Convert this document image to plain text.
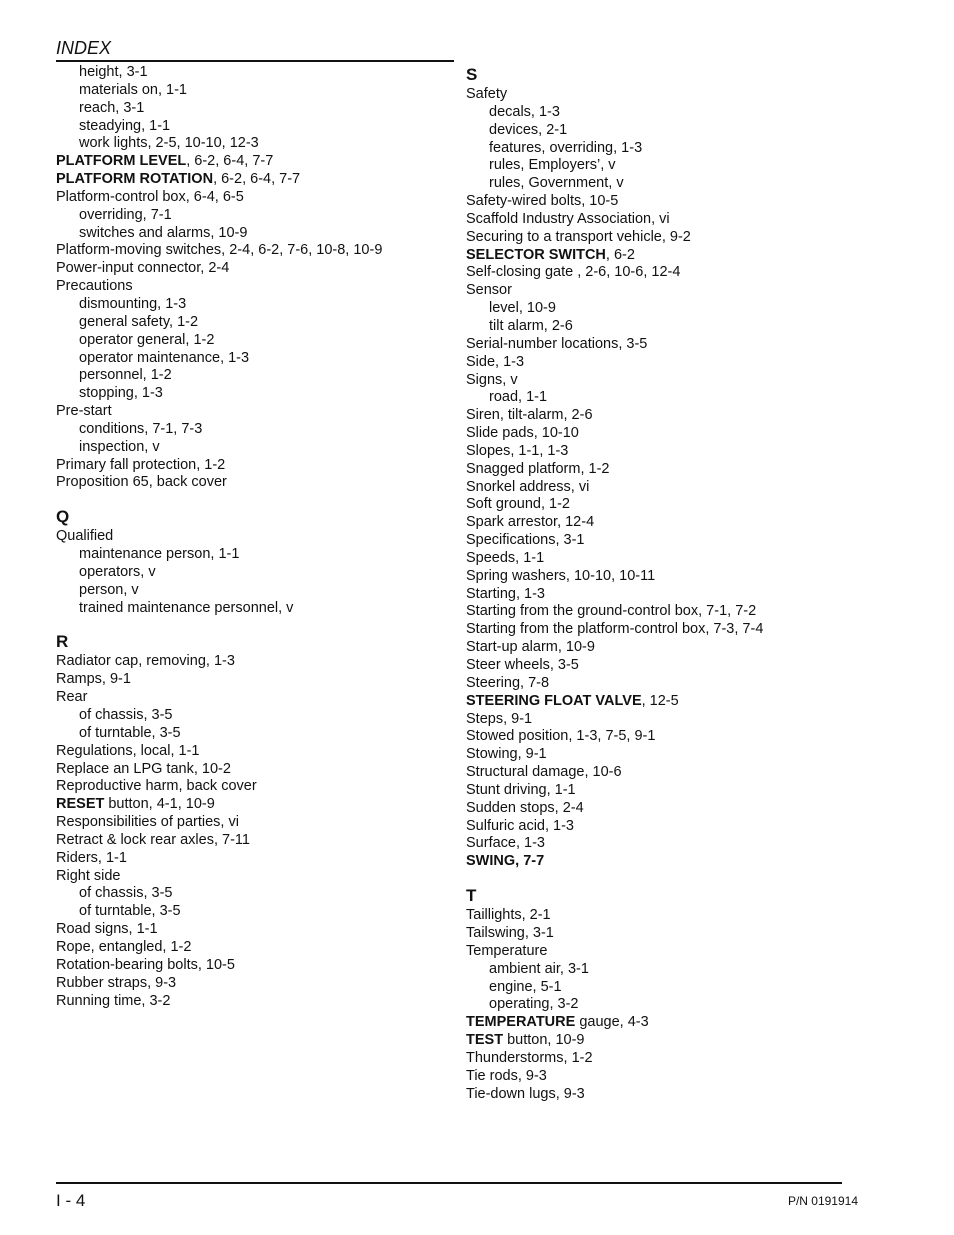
INDEX
height, 3-1
materials on, 1-1
reach, 3-1
steadying, 1-1
work lights, 2-5, 10-10, 12-3
PLATFORM LEVEL, 6-2, 6-4, 7-7
PLATFORM ROTATION, 6-2, 6-4, 7-7
Platform-control box, 6-4, 6-5
overriding, 7-1
switches and alarms, 10-9
Platform-moving switches, 2-4, 6-2, 7-6, 10-8, 10-9
Power-input connector, 2-4
Precautions
dismounting, 1-3
general safety, 1-2
operator general, 1-2
operator maintenance, 1-3
personnel, 1-2
stopping, 1-3
Pre-start
conditions, 7-1, 7-3
inspection, v
Primary fall protection, 1-2
Proposition 65, back cover
Q
Qualified
maintenance person, 1-1
operators, v
person, v
trained maintenance personnel, v
R
Radiator cap, removing, 1-3
Ramps, 9-1
Rear
of chassis, 3-5
of turntable, 3-5
Regulations, local, 1-1
Replace an LPG tank, 10-2
Reproductive harm, back cover
RESET button, 4-1, 10-9
Responsibilities of parties, vi
Retract & lock rear axles, 7-11
Riders, 1-1
Right side
of chassis, 3-5
of turntable, 3-5
Road signs, 1-1
Rope, entangled, 1-2
Rotation-bearing bolts, 10-5
Rubber straps, 9-3
Running time, 3-2
S
Safety
decals, 1-3
devices, 2-1
features, overriding, 1-3
rules, Employers’, v
rules, Government, v
Safety-wired bolts, 10-5
Scaffold Industry Association, vi
Securing to a transport vehicle, 9-2
SELECTOR SWITCH, 6-2
Self-closing gate , 2-6, 10-6, 12-4
Sensor
level, 10-9
tilt alarm, 2-6
Serial-number locations, 3-5
Side, 1-3
Signs, v
road, 1-1
Siren, tilt-alarm, 2-6
Slide pads, 10-10
Slopes, 1-1, 1-3
Snagged platform, 1-2
Snorkel address, vi
Soft ground, 1-2
Spark arrestor, 12-4
Specifications, 3-1
Speeds, 1-1
Spring washers, 10-10, 10-11
Starting, 1-3
Starting from the ground-control box, 7-1, 7-2
Starting from the platform-control box, 7-3, 7-4
Start-up alarm, 10-9
Steer wheels, 3-5
Steering, 7-8
STEERING FLOAT VALVE, 12-5
Steps, 9-1
Stowed position, 1-3, 7-5, 9-1
Stowing, 9-1
Structural damage, 10-6
Stunt driving, 1-1
Sudden stops, 2-4
Sulfuric acid, 1-3
Surface, 1-3
SWING, 7-7
T
Taillights, 2-1
Tailswing, 3-1
Temperature
ambient air, 3-1
engine, 5-1
operating, 3-2
TEMPERATURE gauge, 4-3
TEST button, 10-9
Thunderstorms, 1-2
Tie rods, 9-3
Tie-down lugs, 9-3
I - 4	P/N 0191914
